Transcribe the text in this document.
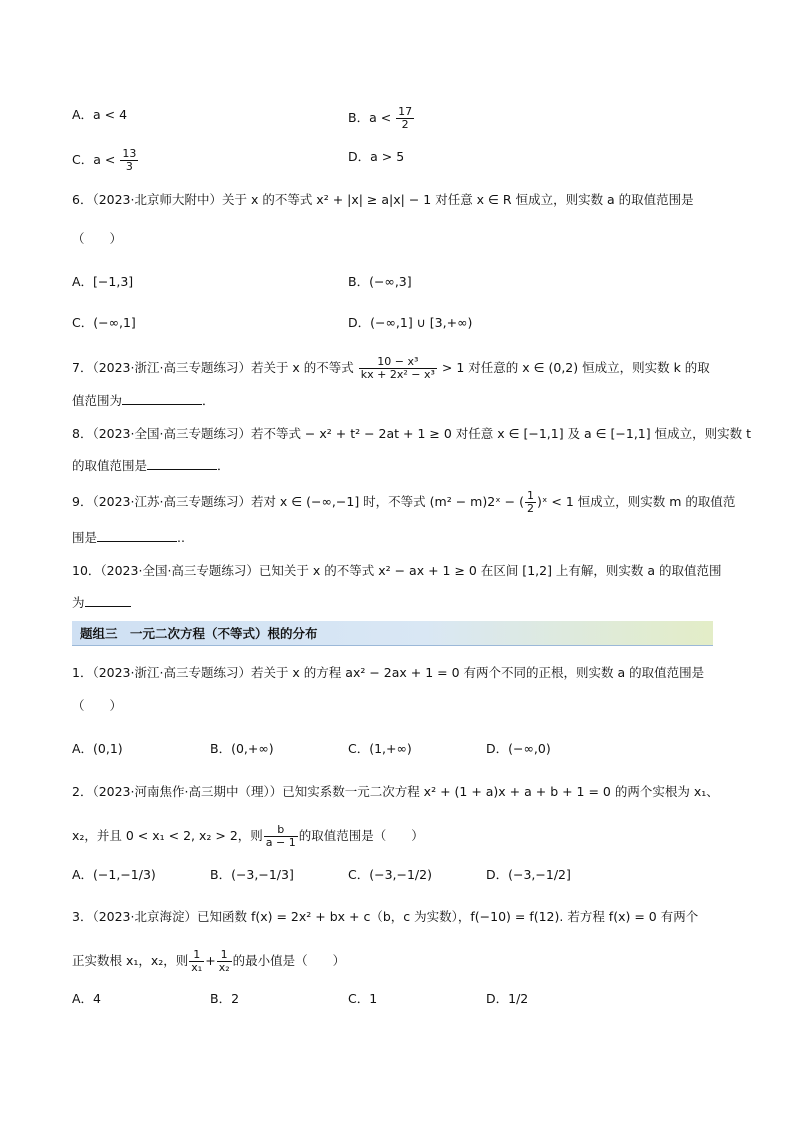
A．a < 4	B．$a < \frac{17}{2}$
C．$a < \frac{13}{3}$	D．a > 5
6．（2023·北京师大附中）关于 x 的不等式 x² + |x| ≥ a|x| − 1 对任意 x ∈ R 恒成立，则实数 a 的取值范围是
（　　）
A．[−1,3]	B．(−∞,3]
C．(−∞,1]	D．(−∞,1] ∪ [3,+∞)
7．（2023·浙江·高三专题练习）若关于 x 的不等式 $\frac{\text{10 − x³}}{\text{kx + 2x² − x³}} > 1$ 对任意的 x ∈ (0,2) 恒成立，则实数 k 的取
值范围为	．
8．（2023·全国·高三专题练习）若不等式 − x² + t² − 2at + 1 ≥ 0 对任意 x ∈ [−1,1] 及 a ∈ [−1,1] 恒成立，则实数 t
的取值范围是	．
9．（2023·江苏·高三专题练习）若对 x ∈ (−∞,−1] 时，不等式 (m² − m)2ˣ − ( $\frac{1}{2}$ )ˣ < 1 恒成立，则实数 m 的取值范
围是	..
10．（2023·全国·高三专题练习）已知关于 x 的不等式 x² − ax + 1 ≥ 0 在区间 [1,2] 上有解，则实数 a 的取值范围
为
题组三　一元二次方程（不等式）根的分布
1．（2023·浙江·高三专题练习）若关于 x 的方程 ax² − 2ax + 1 = 0 有两个不同的正根，则实数 a 的取值范围是
（　　）
A．(0,1)	B．(0,+∞)	C．(1,+∞)	D．(−∞,0)
2．（2023·河南焦作·高三期中（理））已知实系数一元二次方程 x² + (1 + a)x + a + b + 1 = 0 的两个实根为 x₁、
x₂，并且 0 < x₁ < 2, x₂ > 2，则 $\frac{b}{a - 1}$ 的取值范围是（　　）
A．(−1,−1/3)	B．(−3,−1/3]	C．(−3,−1/2)	D．(−3,−1/2]
3．（2023·北京海淀）已知函数 f(x) = 2x² + bx + c（b，c 为实数），f(−10) = f(12). 若方程 f(x) = 0 有两个
正实数根 x₁，x₂，则 $\frac{1}{\text{x₁}} + \frac{1}{\text{x₂}}$ 的最小值是（　　）
A．4	B．2	C．1	D．1/2
